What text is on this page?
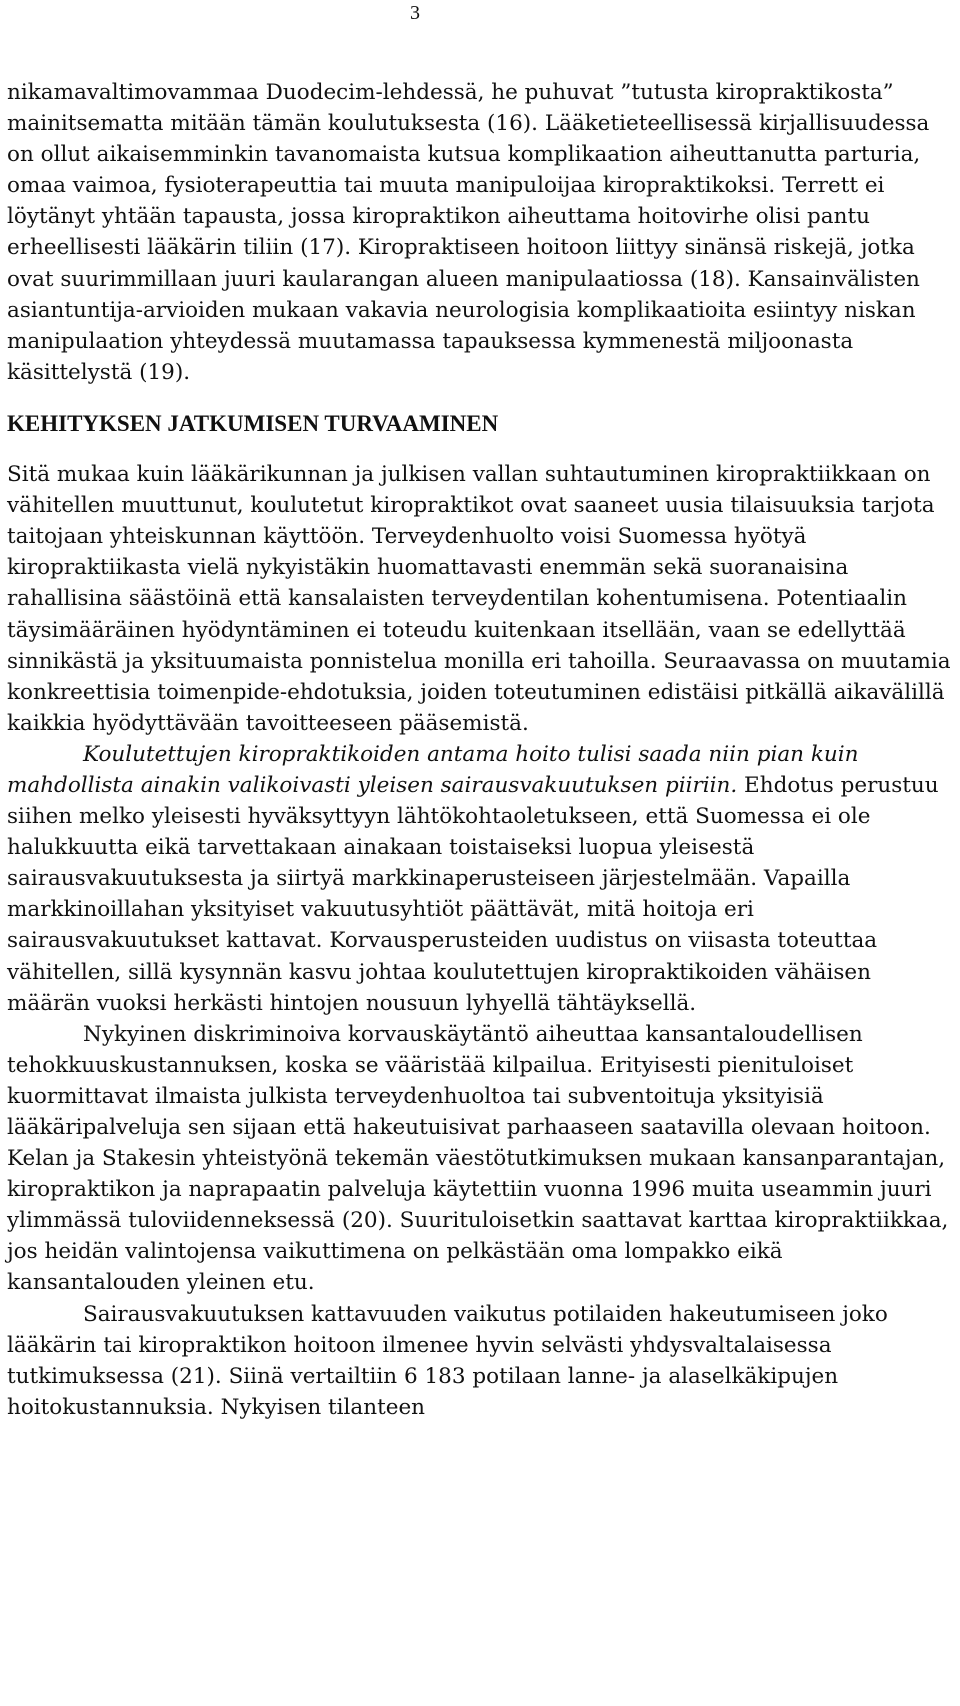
3

nikamavaltimovammaa Duodecim-lehdessä, he puhuvat ”tutusta kiropraktikosta” mainitsematta mitään tämän koulutuksesta (16). Lääketieteellisessä kirjallisuudessa on ollut aikaisemminkin tavanomaista kutsua komplikaation aiheuttanutta parturia, omaa vaimoa, fysioterapeuttia tai muuta manipuloijaa kiropraktikoksi. Terrett ei löytänyt yhtään tapausta, jossa kiropraktikon aiheuttama hoitovirhe olisi pantu erheellisesti lääkärin tiliin (17). Kiropraktiseen hoitoon liittyy sinänsä riskejä, jotka ovat suurimmillaan juuri kaularangan alueen manipulaatiossa (18). Kansainvälisten asiantuntija-arvioiden mukaan vakavia neurologisia komplikaatioita esiintyy niskan manipulaation yhteydessä muutamassa tapauksessa kymmenestä miljoonasta käsittelystä (19).

KEHITYKSEN JATKUMISEN TURVAAMINEN

Sitä mukaa kuin lääkärikunnan ja julkisen vallan suhtautuminen kiropraktiikkaan on vähitellen muuttunut, koulutetut kiropraktikot ovat saaneet uusia tilaisuuksia tarjota taitojaan yhteiskunnan käyttöön. Terveydenhuolto voisi Suomessa hyötyä kiropraktiikasta vielä nykyistäkin huomattavasti enemmän sekä suoranaisina rahallisina säästöinä että kansalaisten terveydentilan kohentumisena. Potentiaalin täysimääräinen hyödyntäminen ei toteudu kuitenkaan itsellään, vaan se edellyttää sinnikästä ja yksituumaista ponnistelua monilla eri tahoilla. Seuraavassa on muutamia konkreettisia toimenpide-ehdotuksia, joiden toteutuminen edistäisi pitkällä aikavälillä kaikkia hyödyttävään tavoitteeseen pääsemistä.

Koulutettujen kiropraktikoiden antama hoito tulisi saada niin pian kuin mahdollista ainakin valikoivasti yleisen sairausvakuutuksen piiriin. Ehdotus perustuu siihen melko yleisesti hyväksyttyyn lähtökohtaoletukseen, että Suomessa ei ole halukkuutta eikä tarvettakaan ainakaan toistaiseksi luopua yleisestä sairausvakuutuksesta ja siirtyä markkinaperusteiseen järjestelmään. Vapailla markkinoillahan yksityiset vakuutusyhtiöt päättävät, mitä hoitoja eri sairausvakuutukset kattavat. Korvausperusteiden uudistus on viisasta toteuttaa vähitellen, sillä kysynnän kasvu johtaa koulutettujen kiropraktikoiden vähäisen määrän vuoksi herkästi hintojen nousuun lyhyellä tähtäyksellä.

Nykyinen diskriminoiva korvauskäytäntö aiheuttaa kansantaloudellisen tehokkuuskustannuksen, koska se vääristää kilpailua. Erityisesti pienituloiset kuormittavat ilmaista julkista terveydenhuoltoa tai subventoituja yksityisiä lääkäripalveluja sen sijaan että hakeutuisivat parhaaseen saatavilla olevaan hoitoon. Kelan ja Stakesin yhteistyönä tekemän väestötutkimuksen mukaan kansanparantajan, kiropraktikon ja naprapaatin palveluja käytettiin vuonna 1996 muita useammin juuri ylimmässä tuloviidenneksessä (20). Suurituloisetkin saattavat karttaa kiropraktiikkaa, jos heidän valintojensa vaikuttimena on pelkästään oma lompakko eikä kansantalouden yleinen etu.

Sairausvakuutuksen kattavuuden vaikutus potilaiden hakeutumiseen joko lääkärin tai kiropraktikon hoitoon ilmenee hyvin selvästi yhdysvaltalaisessa tutkimuksessa (21). Siinä vertailtiin 6 183 potilaan lanne- ja alaselkäkipujen hoitokustannuksia. Nykyisen tilanteen
